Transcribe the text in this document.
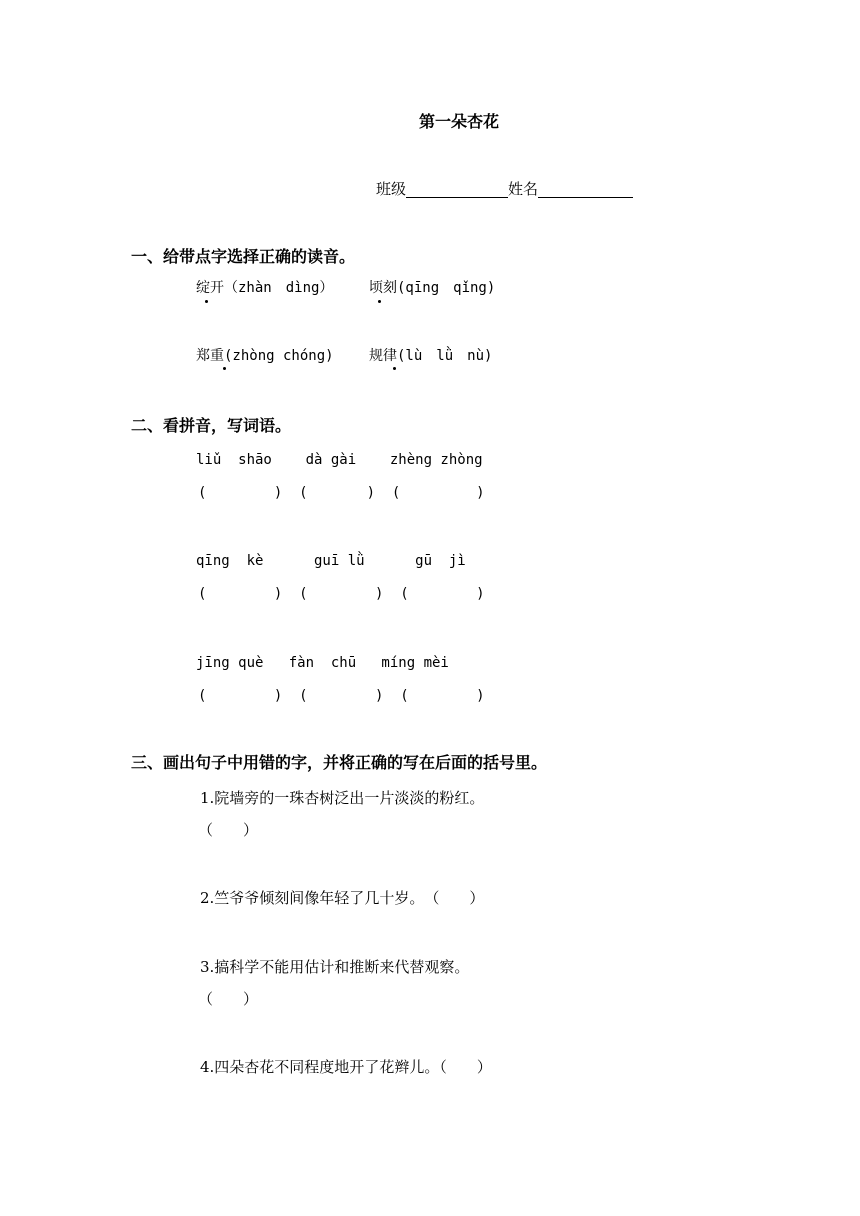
第一朵杏花
班级	姓名
一、给带点字选择正确的读音。
绽开（zhàn　dìng）	顷刻(qīng　qǐng)
郑重(zhòng chóng)	规律(lù　lǜ　nù)
二、看拼音，写词语。
liǔ  shāo    dà gài    zhèng zhòng
(        )  (       )  (         )
qīng  kè      guī lǜ      gū  jì
(        )  (        )  (        )
jīng què   fàn  chū   míng mèi
(        )  (        )  (        )
三、画出句子中用错的字，并将正确的写在后面的括号里。
1.院墙旁的一珠杏树泛出一片淡淡的粉红。
（　　）
2.竺爷爷倾刻间像年轻了几十岁。　（　　）
3.搞科学不能用估计和推断来代替观察。
（　　）
4.四朵杏花不同程度地开了花辫儿。（　　）
